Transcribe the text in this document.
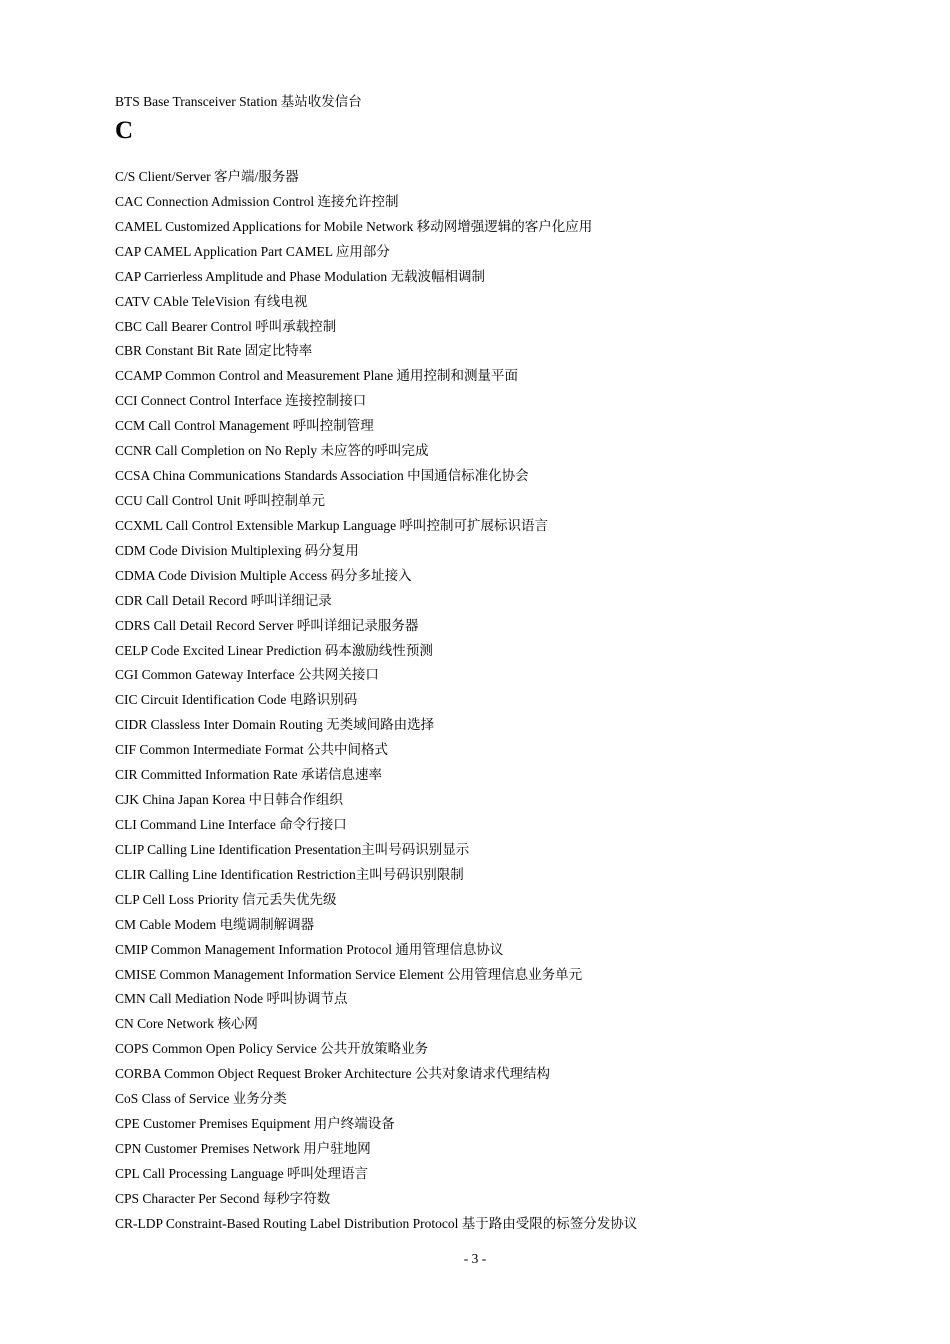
BTS Base Transceiver Station 基站收发信台
C
C/S Client/Server 客户端/服务器
CAC Connection Admission Control 连接允许控制
CAMEL Customized Applications for Mobile Network 移动网增强逻辑的客户化应用
CAP CAMEL Application Part CAMEL 应用部分
CAP Carrierless Amplitude and Phase Modulation 无载波幅相调制
CATV CAble TeleVision 有线电视
CBC Call Bearer Control 呼叫承载控制
CBR Constant Bit Rate 固定比特率
CCAMP Common Control and Measurement Plane 通用控制和测量平面
CCI Connect Control Interface 连接控制接口
CCM Call Control Management 呼叫控制管理
CCNR Call Completion on No Reply 未应答的呼叫完成
CCSA China Communications Standards Association 中国通信标准化协会
CCU Call Control Unit 呼叫控制单元
CCXML Call Control Extensible Markup Language 呼叫控制可扩展标识语言
CDM Code Division Multiplexing 码分复用
CDMA Code Division Multiple Access 码分多址接入
CDR Call Detail Record 呼叫详细记录
CDRS Call Detail Record Server 呼叫详细记录服务器
CELP Code Excited Linear Prediction 码本激励线性预测
CGI Common Gateway Interface 公共网关接口
CIC Circuit Identification Code 电路识别码
CIDR Classless Inter Domain Routing 无类域间路由选择
CIF Common Intermediate Format 公共中间格式
CIR Committed Information Rate 承诺信息速率
CJK China Japan Korea 中日韩合作组织
CLI Command Line Interface 命令行接口
CLIP Calling Line Identification Presentation主叫号码识别显示
CLIR Calling Line Identification Restriction主叫号码识别限制
CLP Cell Loss Priority 信元丢失优先级
CM Cable Modem 电缆调制解调器
CMIP Common Management Information Protocol 通用管理信息协议
CMISE Common Management Information Service Element 公用管理信息业务单元
CMN Call Mediation Node 呼叫协调节点
CN Core Network 核心网
COPS Common Open Policy Service 公共开放策略业务
CORBA Common Object Request Broker Architecture 公共对象请求代理结构
CoS Class of Service 业务分类
CPE Customer Premises Equipment 用户终端设备
CPN Customer Premises Network 用户驻地网
CPL Call Processing Language 呼叫处理语言
CPS Character Per Second 每秒字符数
CR-LDP Constraint-Based Routing Label Distribution Protocol 基于路由受限的标签分发协议
- 3 -
